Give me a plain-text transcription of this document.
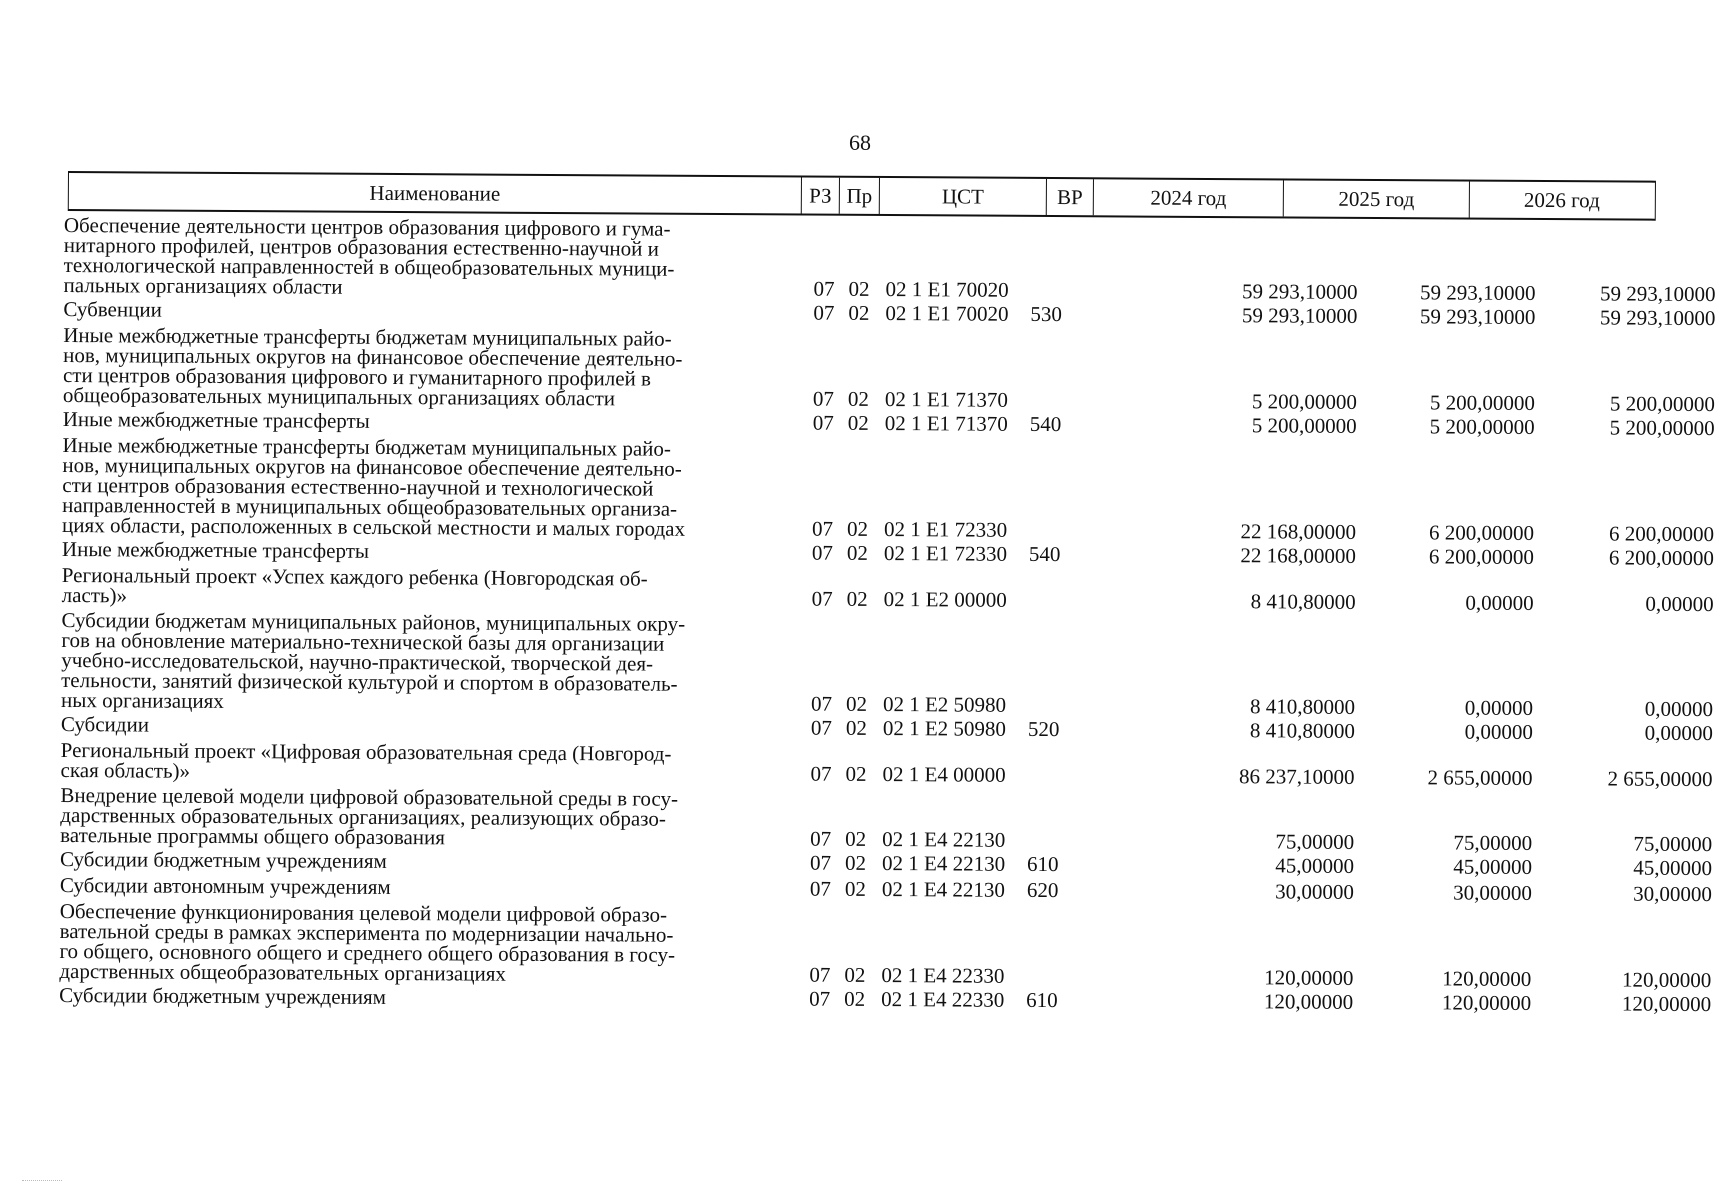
68
Наименование	РЗ Пр	ЦСТ	ВР	2024 год	2025 год	2026 год
Обеспечение деятельности центров образования цифрового и гума-
нитарного профилей, центров образования естественно-научной и
технологической направленностей в общеобразовательных муници-
пальных организациях области	07 02 02 1 E1 70020	59 293,10000	59 293,10000	59 293,10000
Субвенции	07 02 02 1 E1 70020 530	59 293,10000	59 293,10000	59 293,10000
Иные межбюджетные трансферты бюджетам муниципальных райо-
нов, муниципальных округов на финансовое обеспечение деятельно-
сти центров образования цифрового и гуманитарного профилей в
общеобразовательных муниципальных организациях области	07 02 02 1 E1 71370	5 200,00000	5 200,00000	5 200,00000
Иные межбюджетные трансферты	07 02 02 1 E1 71370 540	5 200,00000	5 200,00000	5 200,00000
Иные межбюджетные трансферты бюджетам муниципальных райо-
нов, муниципальных округов на финансовое обеспечение деятельно-
сти центров образования естественно-научной и технологической
направленностей в муниципальных общеобразовательных организа-
циях области, расположенных в сельской местности и малых городах	07 02 02 1 E1 72330	22 168,00000	6 200,00000	6 200,00000
Иные межбюджетные трансферты	07 02 02 1 E1 72330 540	22 168,00000	6 200,00000	6 200,00000
Региональный проект «Успех каждого ребенка (Новгородская об-
ласть)»	07 02 02 1 E2 00000	8 410,80000	0,00000	0,00000
Субсидии бюджетам муниципальных районов, муниципальных окру-
гов на обновление материально-технической базы для организации
учебно-исследовательской, научно-практической, творческой дея-
тельности, занятий физической культурой и спортом в образователь-
ных организациях	07 02 02 1 E2 50980	8 410,80000	0,00000	0,00000
Субсидии	07 02 02 1 E2 50980 520	8 410,80000	0,00000	0,00000
Региональный проект «Цифровая образовательная среда (Новгород-
ская область)»	07 02 02 1 E4 00000	86 237,10000	2 655,00000	2 655,00000
Внедрение целевой модели цифровой образовательной среды в госу-
дарственных образовательных организациях, реализующих образо-
вательные программы общего образования	07 02 02 1 E4 22130	75,00000	75,00000	75,00000
Субсидии бюджетным учреждениям	07 02 02 1 E4 22130 610	45,00000	45,00000	45,00000
Субсидии автономным учреждениям	07 02 02 1 E4 22130 620	30,00000	30,00000	30,00000
Обеспечение функционирования целевой модели цифровой образо-
вательной среды в рамках эксперимента по модернизации начально-
го общего, основного общего и среднего общего образования в госу-
дарственных общеобразовательных организациях	07 02 02 1 E4 22330	120,00000	120,00000	120,00000
Субсидии бюджетным учреждениям	07 02 02 1 E4 22330 610	120,00000	120,00000	120,00000
